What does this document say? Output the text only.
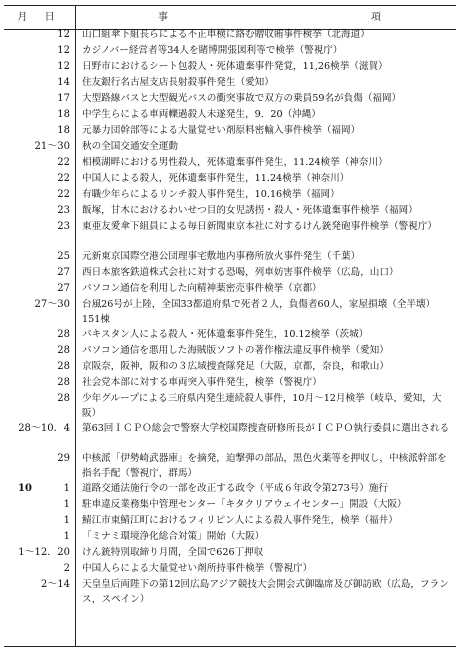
月 日	事	項
12 山口組傘下組長らによる不正車検に絡む贈収賄事件検挙（北海道）
12 カジノバー経営者等34人を賭博開張図利等で検挙（警視庁）
12 日野市におけるシート包殺人・死体遺棄事件発覚，11,26検挙（滋賀）
14 住友銀行名古屋支店長射殺事件発生（愛知）
17 大型路線バスと大型観光バスの衝突事故で双方の乗員59名が負傷（福岡）
18 中学生らによる車両轢過殺人未遂発生，9．20（沖縄）
18 元暴力団幹部等による大量覚せい剤原料密輸入事件検挙（福岡）
21～30 秋の全国交通安全運動
22 相模湖畔における男性殺人，死体遺棄事件発生，11.24検挙（神奈川）
22 中国人による殺人，死体遺棄事件発生，11.24検挙（神奈川）
22 有職少年らによるリンチ殺人事件発生，10.16検挙（福岡）
23 飯塚，甘木におけるわいせつ目的女児誘拐・殺人・死体遺棄事件検挙（福岡）
23 東亜友愛傘下組員による毎日新聞東京本社に対するけん銃発砲事件検挙（警視庁）
25 元新東京国際空港公団理事宅敷地内事務所放火事件発生（千葉）
27 西日本旅客鉄道株式会社に対する恐喝，列車妨害事件検挙（広島，山口）
27 パソコン通信を利用した向精神薬密売事件検挙（京都）
27～30 台風26号が上陸，全国33都道府県で死者２人，負傷者60人，家屋損壊（全半壊）151棟
28 パキスタン人による殺人・死体遺棄事件発生，10.12検挙（茨城）
28 パソコン通信を悪用した海賊版ソフトの著作権法違反事件検挙（愛知）
28 京阪奈，阪神，阪和の３広域捜査隊発足（大阪，京都，奈良，和歌山）
28 社会党本部に対する車両突入事件発生，検挙（警視庁）
28 少年グループによる三府県内発生連続殺人事件，10月～12月検挙（岐阜，愛知，大阪）
28～10．4 第63回ＩＣＰＯ総会で警察大学校国際捜査研修所長がＩＣＰＯ執行委員に選出される
29 中核派「伊勢崎武器庫」を摘発，迫撃弾の部品，黒色火薬等を押収し，中核派幹部を指名手配（警視庁，群馬）
10	1 道路交通法施行令の一部を改正する政令（平成６年政令第273号）施行
1 駐車違反業務集中管理センター「キタクリアウェイセンター」開設（大阪）
1 鯖江市東鯖江町におけるフィリピン人による殺人事件発生，検挙（福井）
1 「ミナミ環境浄化総合対策」開始（大阪）
1～12．20 けん銃特別取締り月間，全国で626丁押収
2 中国人らによる大量覚せい剤所持事件検挙（警視庁）
2～14 天皇皇后両陛下の第12回広島アジア競技大会開会式御臨席及び御訪欧（広島，フランス，スペイン）
